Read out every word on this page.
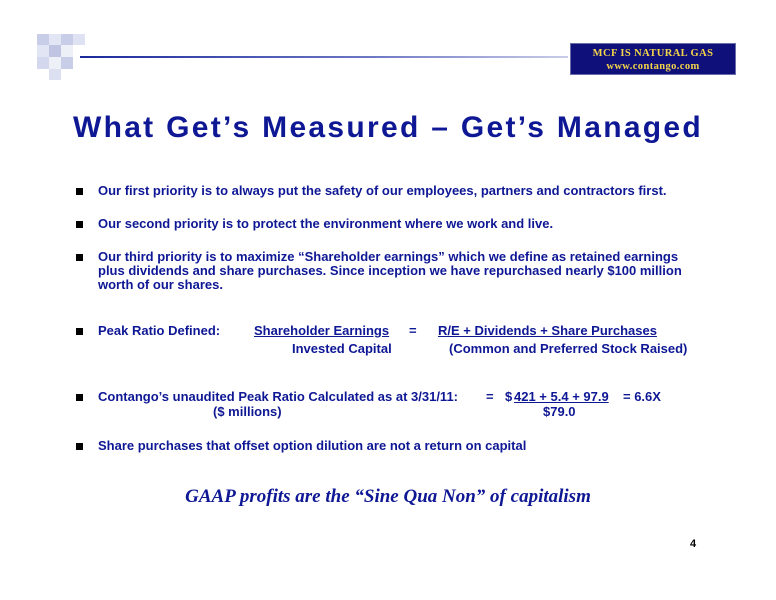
MCF IS NATURAL GAS
www.contango.com
What Get’s Measured – Get’s Managed
Our first priority is to always put the safety of our employees, partners and contractors first.
Our second priority is to protect the environment where we work and live.
Our third priority is to maximize “Shareholder earnings” which we define as retained earnings
plus dividends and share purchases. Since inception we have repurchased nearly $100 million
worth of our shares.
Peak Ratio Defined:	Shareholder Earnings = R/E + Dividends + Share Purchases
Invested Capital	(Common and Preferred Stock Raised)
Contango’s unaudited Peak Ratio Calculated as at 3/31/11: = $ 421 + 5.4 + 97.9 = 6.6X
($ millions)	$79.0
Share purchases that offset option dilution are not a return on capital
GAAP profits are the “Sine Qua Non” of capitalism
4
